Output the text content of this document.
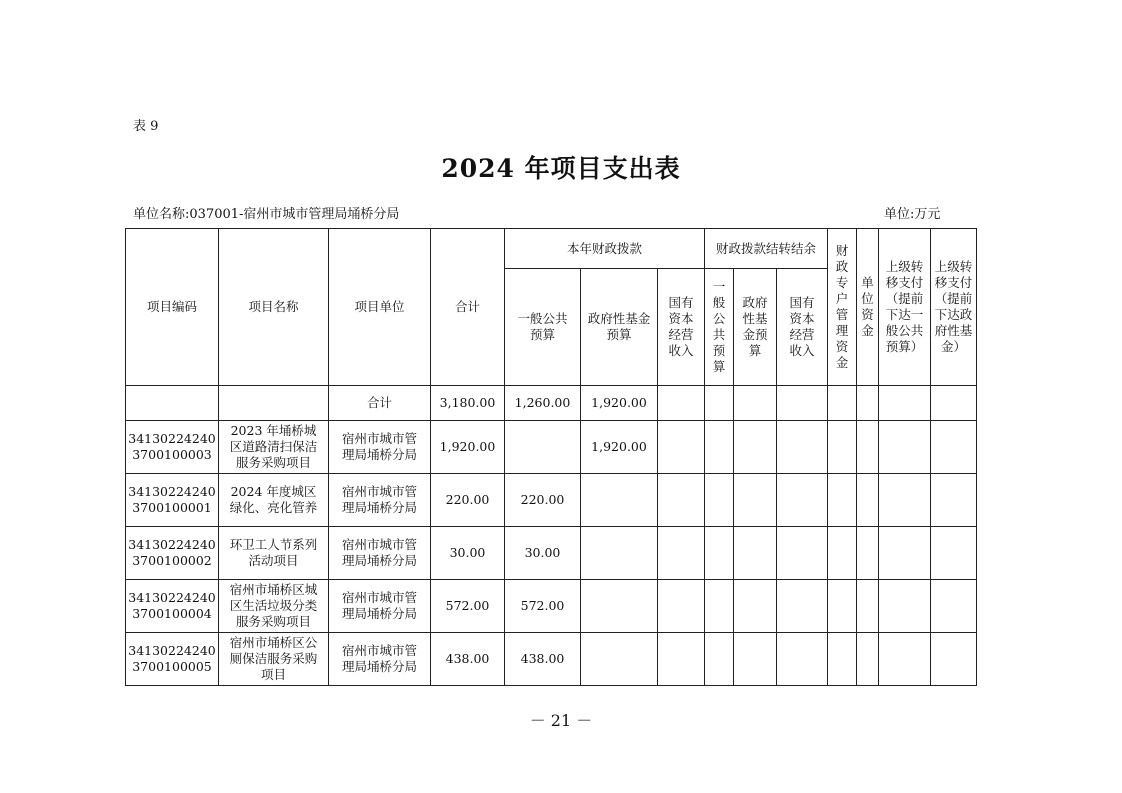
表 9
2024 年项目支出表
单位名称:037001-宿州市城市管理局埇桥分局	单位:万元
项目编码	项目名称	项目单位	合计	本年财政拨款			财政拨款结转结余			财政专户管理资金	单位资金	上级转移支付（提前下达一般公共预算）	上级转移支付（提前下达政府性基金）
				一般公共预算	政府性基金预算	国有资本经营收入	一般公共预算	政府性基金预算	国有资本经营收入				
		合计	3,180.00	1,260.00	1,920.00								

34130224240
3700100003	2023 年埇桥城区道路清扫保洁服务采购项目	宿州市城市管理局埇桥分局	1,920.00		1,920.00								

34130224240
3700100001	2024 年度城区绿化、亮化管养	宿州市城市管理局埇桥分局	220.00	220.00									

34130224240
3700100002	环卫工人节系列活动项目	宿州市城市管理局埇桥分局	30.00	30.00									

34130224240
3700100004	宿州市埇桥区城区生活垃圾分类服务采购项目	宿州市城市管理局埇桥分局	572.00	572.00									

34130224240
3700100005	宿州市埇桥区公厕保洁服务采购项目	宿州市城市管理局埇桥分局	438.00	438.00									
－ 21 －
